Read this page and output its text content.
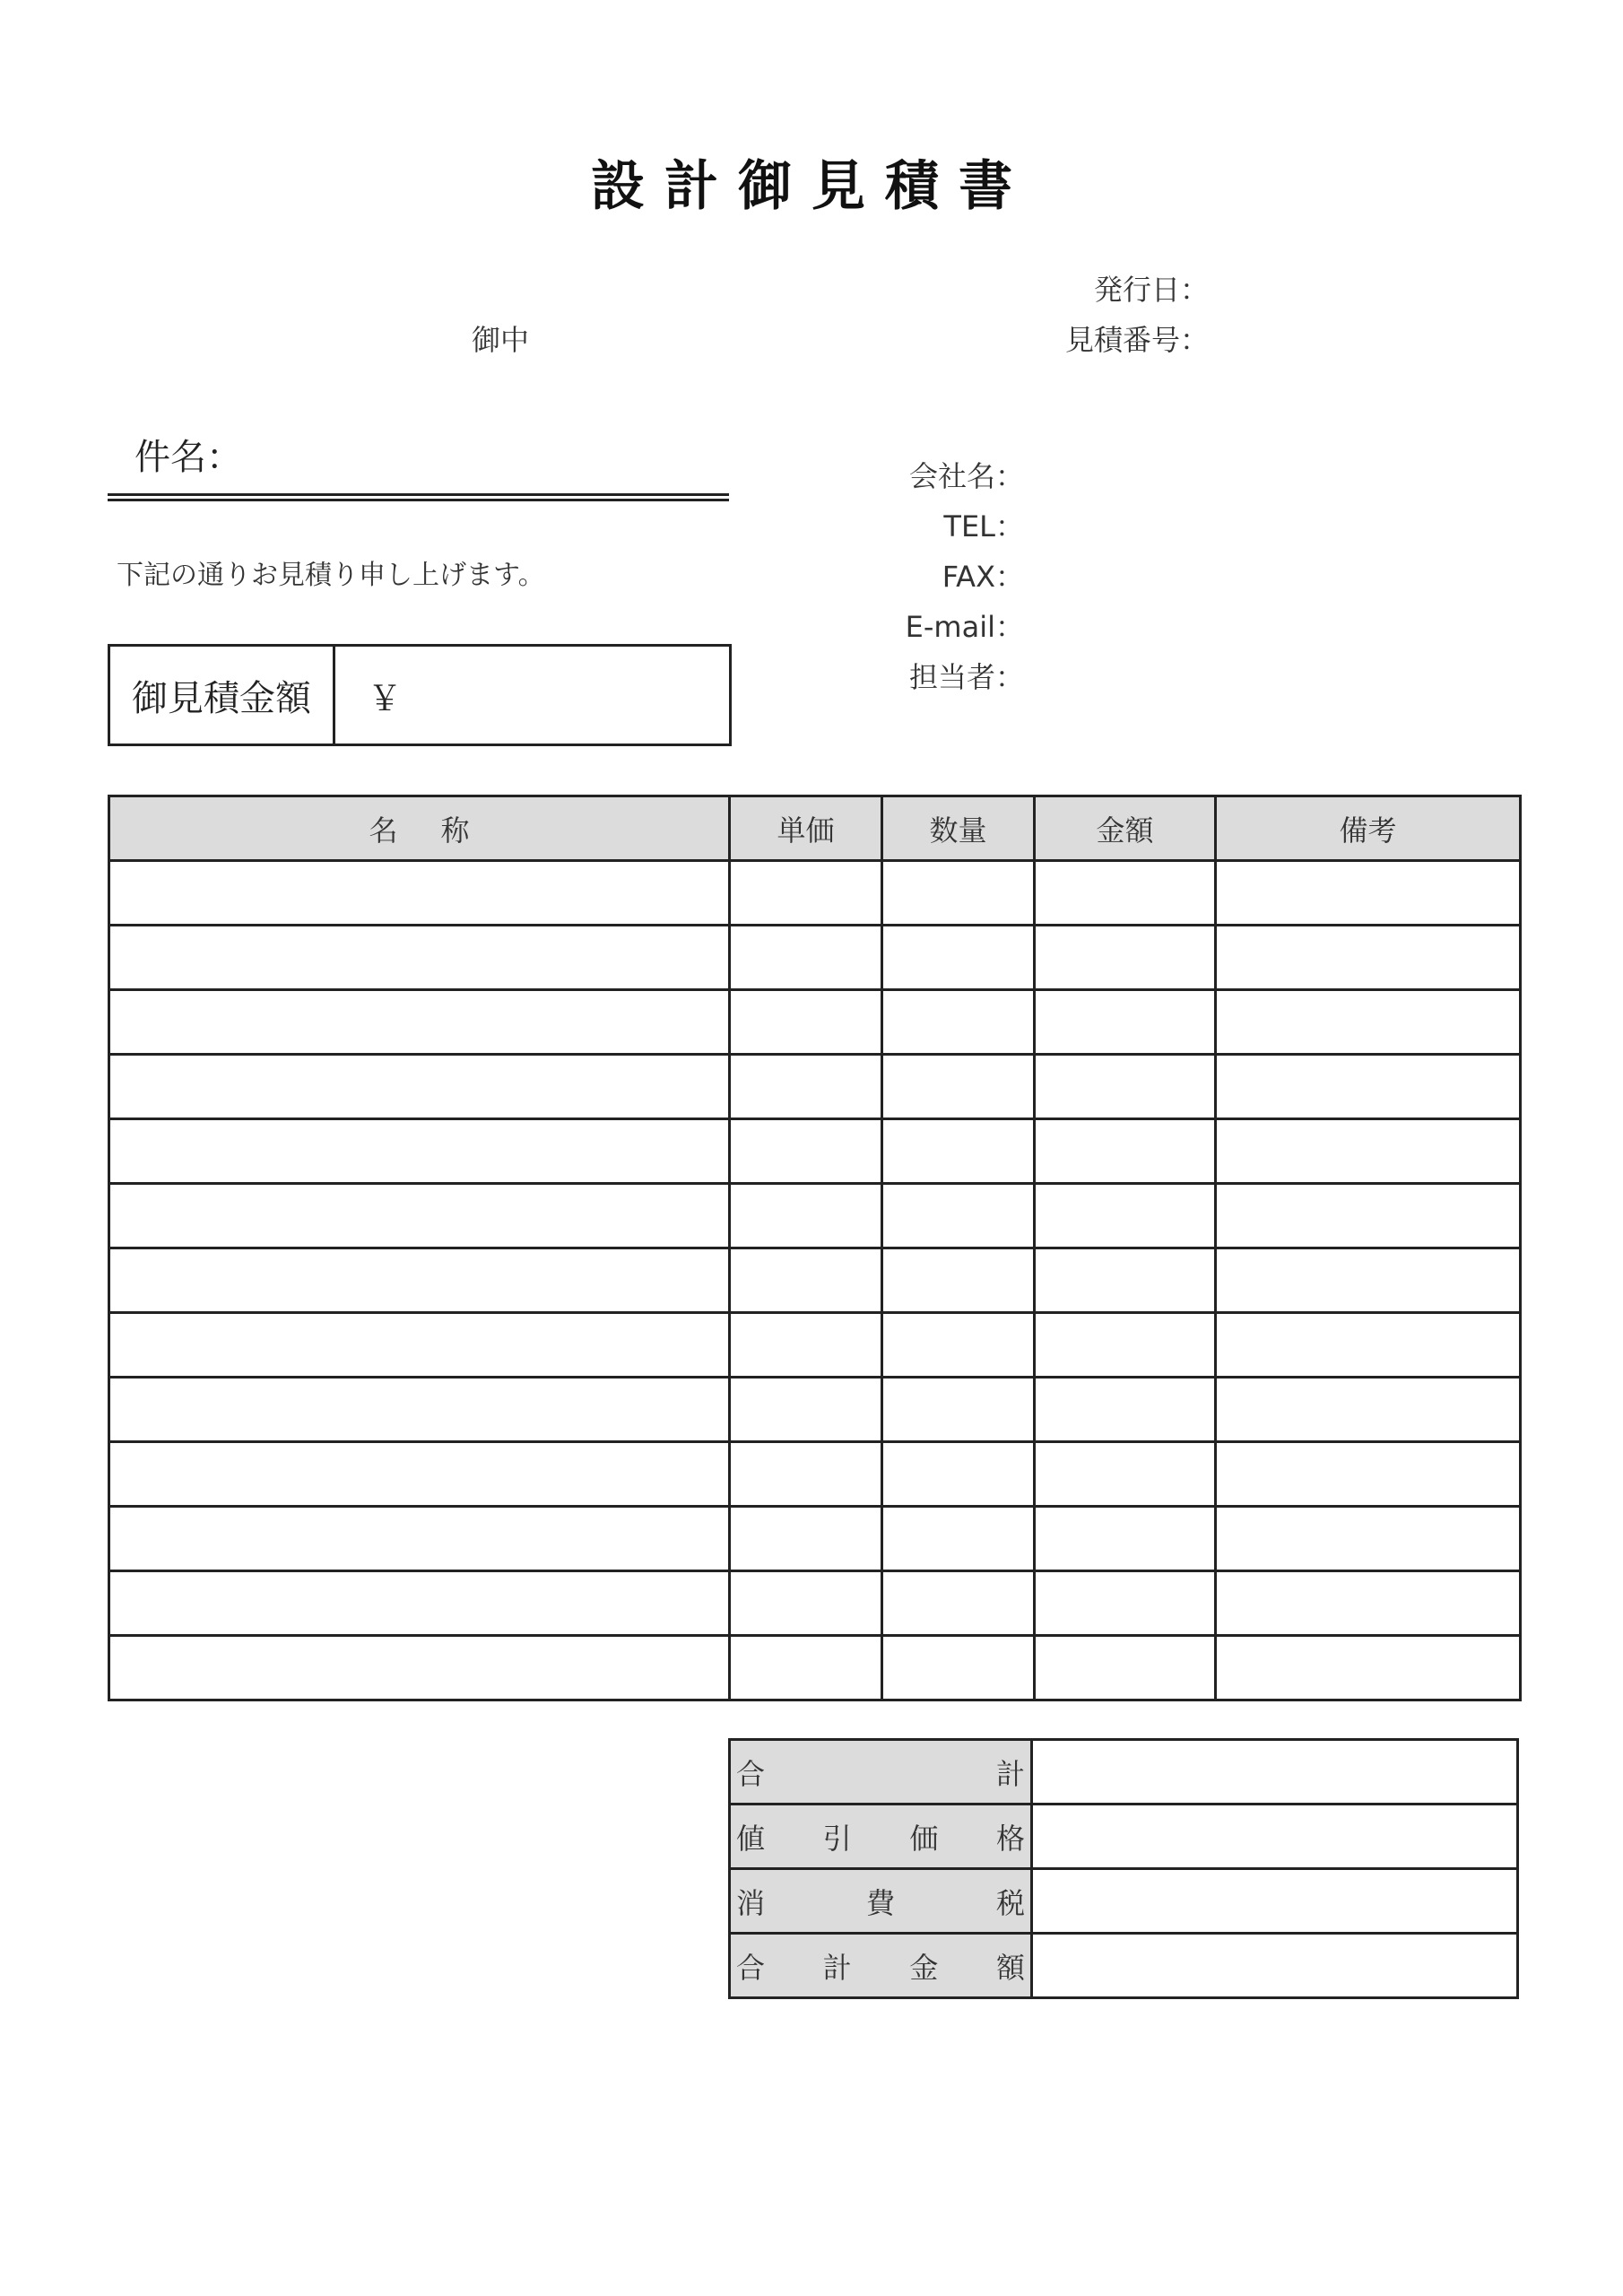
設計御見積書
発行日：
見積番号：
御中
件名：
下記の通りお見積り申し上げます。
会社名：
TEL：
FAX：
E-mail：
担当者：
御見積金額	￥
名称	単価	数量	金額	備考

合 計	

値 引 価 格	

消 費 税	

合 計 金 額	
